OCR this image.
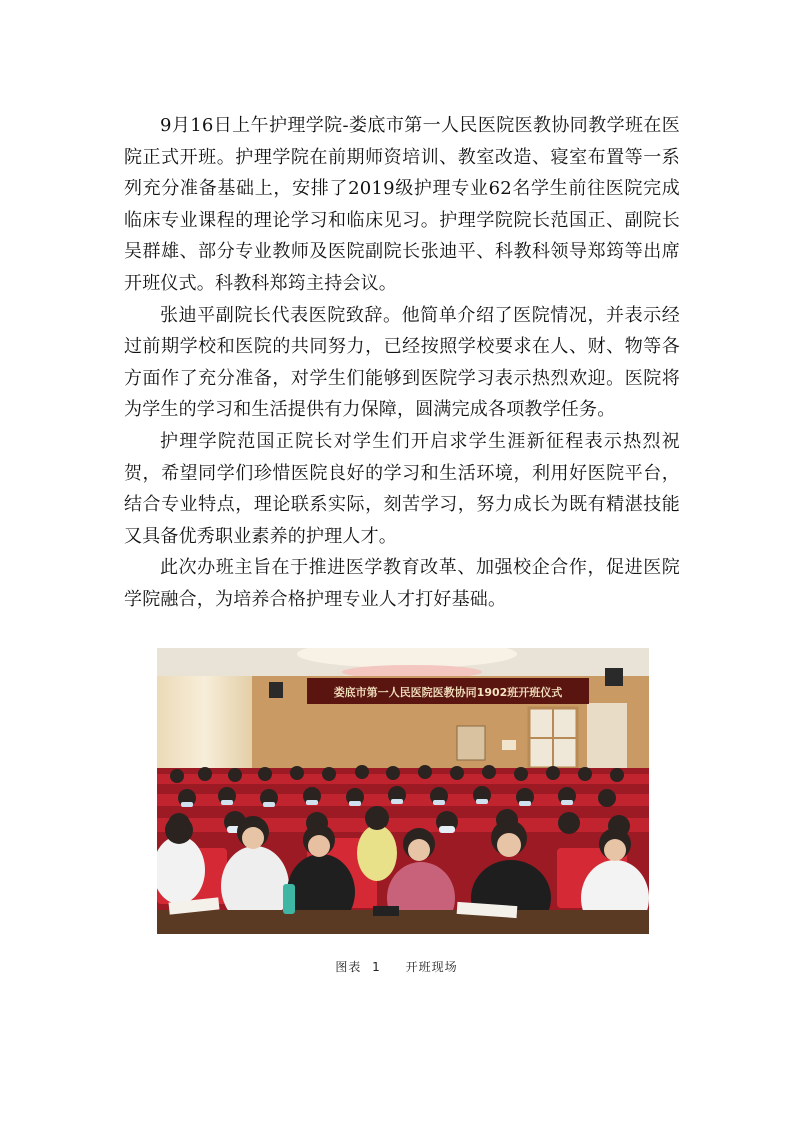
9月16日上午护理学院-娄底市第一人民医院医教协同教学班在医院正式开班。护理学院在前期师资培训、教室改造、寝室布置等一系列充分准备基础上，安排了2019级护理专业62名学生前往医院完成临床专业课程的理论学习和临床见习。护理学院院长范国正、副院长吴群雄、部分专业教师及医院副院长张迪平、科教科领导郑筠等出席开班仪式。科教科郑筠主持会议。

张迪平副院长代表医院致辞。他简单介绍了医院情况，并表示经过前期学校和医院的共同努力，已经按照学校要求在人、财、物等各方面作了充分准备，对学生们能够到医院学习表示热烈欢迎。医院将为学生的学习和生活提供有力保障，圆满完成各项教学任务。

护理学院范国正院长对学生们开启求学生涯新征程表示热烈祝贺，希望同学们珍惜医院良好的学习和生活环境，利用好医院平台，结合专业特点，理论联系实际，刻苦学习，努力成长为既有精湛技能又具备优秀职业素养的护理人才。

此次办班主旨在于推进医学教育改革、加强校企合作，促进医院学院融合，为培养合格护理专业人才打好基础。

娄底市第一人民医院医教协同1902班开班仪式
图表 1 开班现场
